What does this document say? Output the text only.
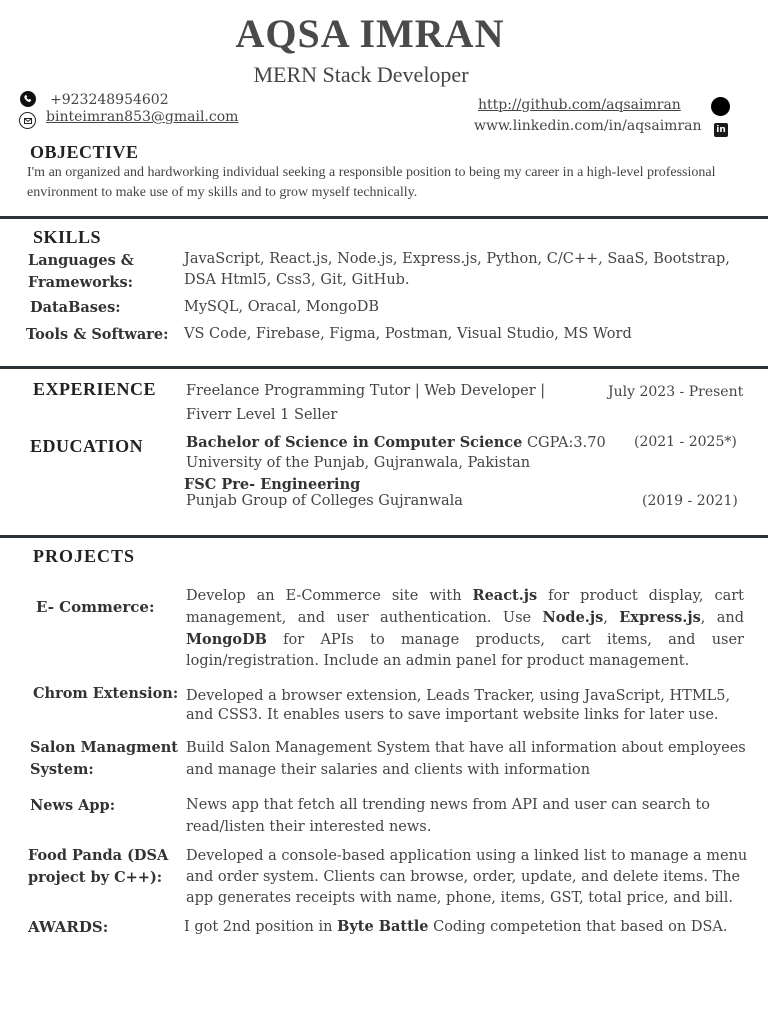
AQSA IMRAN
MERN Stack Developer
+923248954602
binteimran853@gmail.com
http://github.com/aqsaimran
www.linkedin.com/in/aqsaimran in
OBJECTIVE
I'm an organized and hardworking individual seeking a responsible position to being my career in a high-level professional environment to make use of my skills and to grow myself technically.
SKILLS
Languages & Frameworks:
JavaScript, React.js, Node.js, Express.js, Python, C/C++, SaaS, Bootstrap, DSA Html5, Css3, Git, GitHub.
DataBases:	MySQL, Oracal, MongoDB
Tools & Software: VS Code, Firebase, Figma, Postman, Visual Studio, MS Word
EXPERIENCE Freelance Programming Tutor | Web Developer | Fiverr Level 1 Seller
July 2023 - Present
EDUCATION	Bachelor of Science in Computer Science CGPA:3.70 (2021 - 2025*)
University of the Punjab, Gujranwala, Pakistan
FSC Pre- Engineering
Punjab Group of Colleges Gujranwala	(2019 - 2021)
PROJECTS
E- Commerce:
Develop an E-Commerce site with React.js for product display, cart management, and user authentication. Use Node.js, Express.js, and MongoDB for APIs to manage products, cart items, and user login/registration. Include an admin panel for product management.
Chrom Extension: Developed a browser extension, Leads Tracker, using JavaScript, HTML5, and CSS3. It enables users to save important website links for later use.
Salon Managment System:
Build Salon Management System that have all information about employees and manage their salaries and clients with information
News App:	News app that fetch all trending news from API and user can search to read/listen their interested news.
Food Panda (DSA project by C++):
Developed a console-based application using a linked list to manage a menu and order system. Clients can browse, order, update, and delete items. The app generates receipts with name, phone, items, GST, total price, and bill.
AWARDS:	I got 2nd position in Byte Battle Coding competetion that based on DSA.
